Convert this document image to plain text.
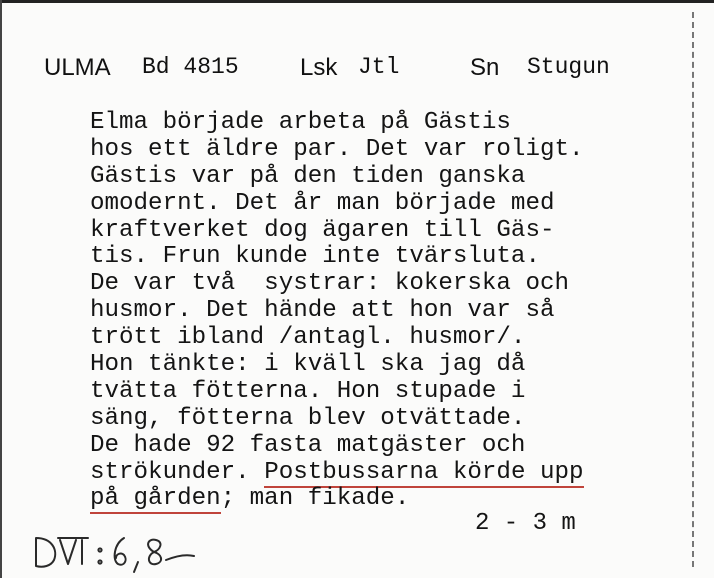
ULMA Bd 4815	Lsk Jtl	Sn Stugun
Elma började arbeta på Gästis
hos ett äldre par. Det var roligt.
Gästis var på den tiden ganska
omodernt. Det år man började med
kraftverket dog ägaren till Gäs-
tis. Frun kunde inte tvärsluta.
De var två  systrar: kokerska och
husmor. Det hände att hon var så
trött ibland /antagl. husmor/.
Hon tänkte: i kväll ska jag då
tvätta fötterna. Hon stupade i
säng, fötterna blev otvättade.
De hade 92 fasta matgäster och
strökunder. Postbussarna körde upp
på gården; man fikade.
2 - 3 m
